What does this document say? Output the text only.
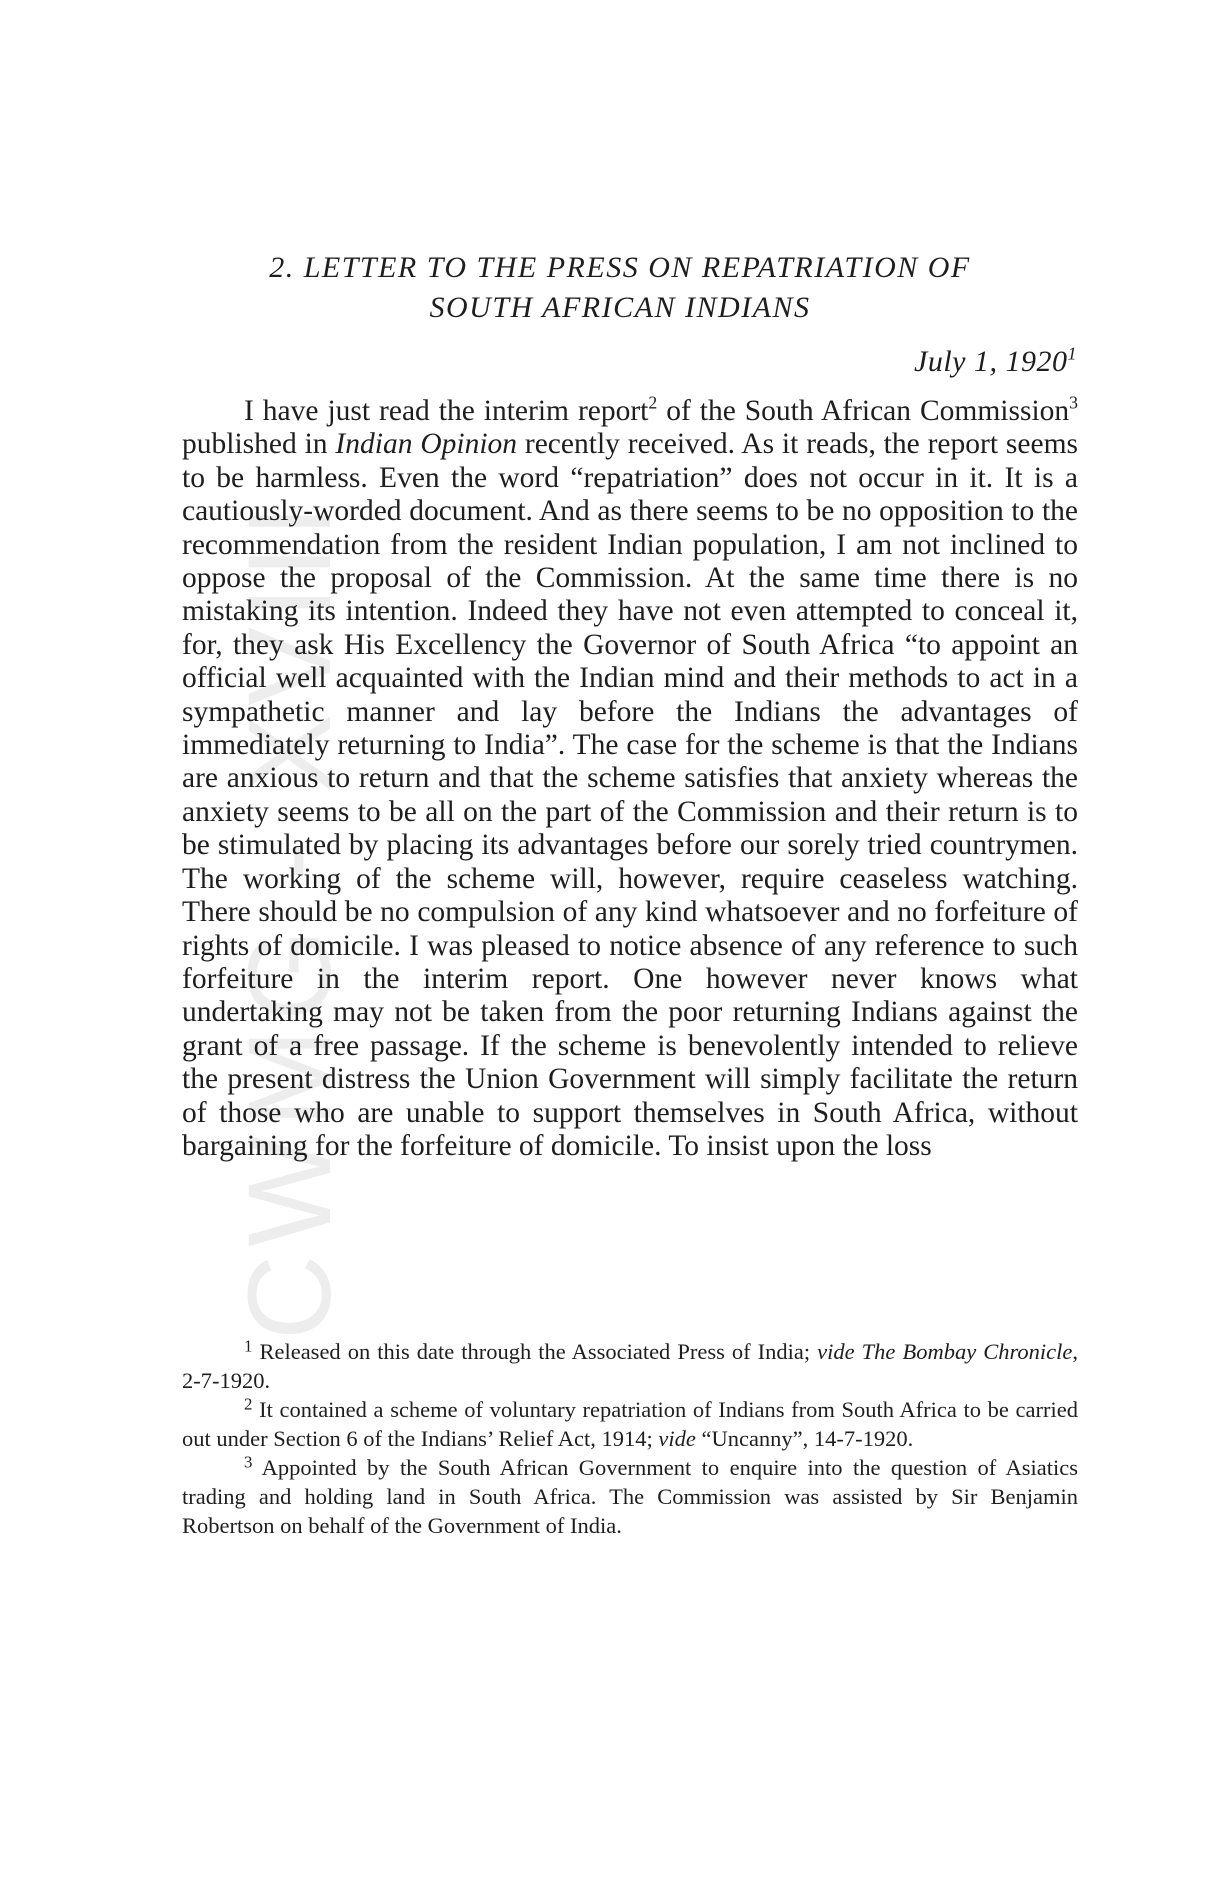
CWMG - XVIII
2. LETTER TO THE PRESS ON REPATRIATION OF
SOUTH AFRICAN INDIANS
July 1, 1920$^1$

I have just read the interim report$^2$ of the South African Commission$^3$ published in Indian Opinion recently received. As it reads, the report seems to be harmless. Even the word “repatriation” does not occur in it. It is a cautiously-worded document. And as there seems to be no opposition to the recommendation from the resident Indian population, I am not inclined to oppose the proposal of the Commission. At the same time there is no mistaking its intention. Indeed they have not even attempted to conceal it, for, they ask His Excellency the Governor of South Africa “to appoint an official well acquainted with the Indian mind and their methods to act in a sympathetic manner and lay before the Indians the advantages of immediately returning to India”. The case for the scheme is that the Indians are anxious to return and that the scheme satisfies that anxiety whereas the anxiety seems to be all on the part of the Commission and their return is to be stimulated by placing its advantages before our sorely tried countrymen. The working of the scheme will, however, require ceaseless watching. There should be no compulsion of any kind whatsoever and no forfeiture of rights of domicile. I was pleased to notice absence of any reference to such forfeiture in the interim report. One however never knows what undertaking may not be taken from the poor returning Indians against the grant of a free passage. If the scheme is benevolently intended to relieve the present distress the Union Government will simply facilitate the return of those who are unable to support themselves in South Africa, without bargaining for the forfeiture of domicile. To insist upon the loss

$^1$ Released on this date through the Associated Press of India; vide The Bombay Chronicle, 2-7-1920.

$^2$ It contained a scheme of voluntary repatriation of Indians from South Africa to be carried out under Section 6 of the Indians’ Relief Act, 1914; vide “Uncanny”, 14-7-1920.

$^3$ Appointed by the South African Government to enquire into the question of Asiatics trading and holding land in South Africa. The Commission was assisted by Sir Benjamin Robertson on behalf of the Government of India.
